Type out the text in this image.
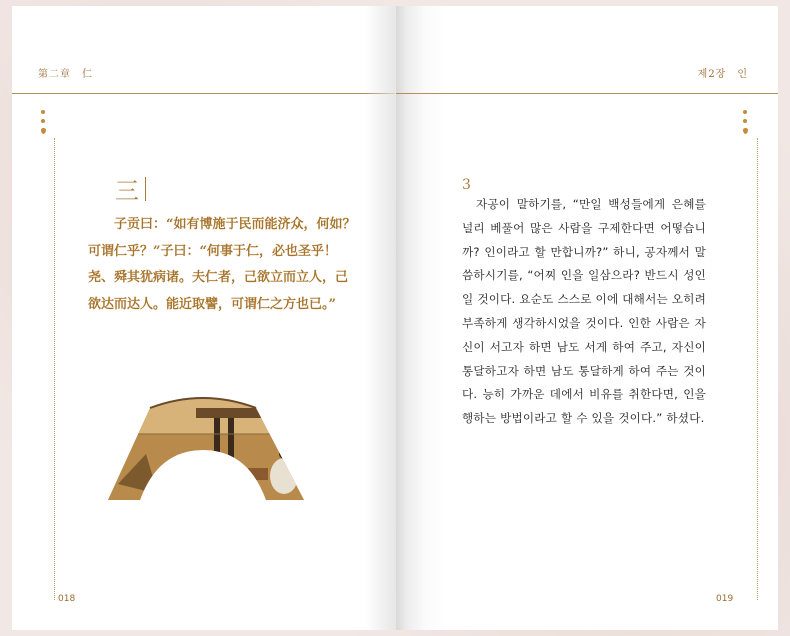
第二章　仁
三
子贡曰：“如有博施于民而能济众，何如？可谓仁乎？”子曰：“何事于仁，必也圣乎！尧、舜其犹病诸。夫仁者，己欲立而立人，己欲达而达人。能近取譬，可谓仁之方也已。”
018
제2장　인
3
자공이 말하기를, “만일 백성들에게 은혜를 널리 베풀어 많은 사람을 구제한다면 어떻습니까? 인이라고 할 만합니까?” 하니, 공자께서 말씀하시기를, “어찌 인을 일삼으라? 반드시 성인일 것이다. 요순도 스스로 이에 대해서는 오히려 부족하게 생각하시었을 것이다. 인한 사람은 자신이 서고자 하면 남도 서게 하여 주고, 자신이 통달하고자 하면 남도 통달하게 하여 주는 것이다. 능히 가까운 데에서 비유를 취한다면, 인을 행하는 방법이라고 할 수 있을 것이다.” 하셨다.
019
